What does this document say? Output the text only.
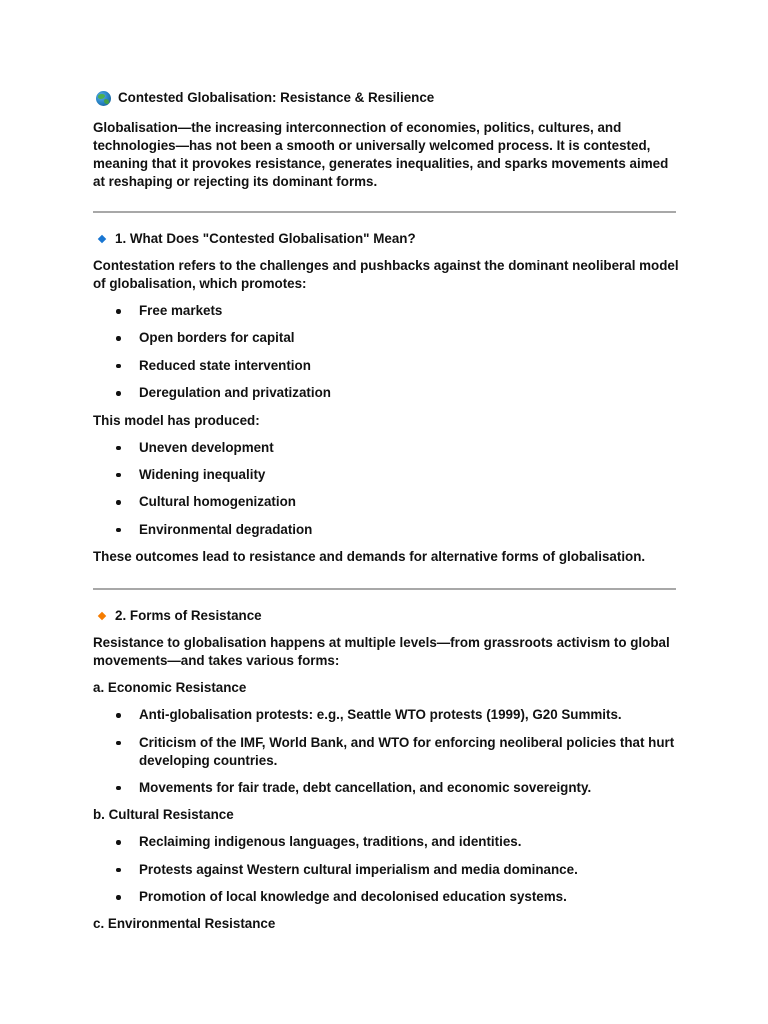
Contested Globalisation: Resistance & Resilience

Globalisation—the increasing interconnection of economies, politics, cultures, and technologies—has not been a smooth or universally welcomed process. It is contested, meaning that it provokes resistance, generates inequalities, and sparks movements aimed at reshaping or rejecting its dominant forms.

1. What Does "Contested Globalisation" Mean?

Contestation refers to the challenges and pushbacks against the dominant neoliberal model of globalisation, which promotes:

Free markets
Open borders for capital
Reduced state intervention
Deregulation and privatization

This model has produced:

Uneven development
Widening inequality
Cultural homogenization
Environmental degradation

These outcomes lead to resistance and demands for alternative forms of globalisation.

2. Forms of Resistance

Resistance to globalisation happens at multiple levels—from grassroots activism to global movements—and takes various forms:

a. Economic Resistance

Anti-globalisation protests: e.g., Seattle WTO protests (1999), G20 Summits.
Criticism of the IMF, World Bank, and WTO for enforcing neoliberal policies that hurt developing countries.
Movements for fair trade, debt cancellation, and economic sovereignty.

b. Cultural Resistance

Reclaiming indigenous languages, traditions, and identities.
Protests against Western cultural imperialism and media dominance.
Promotion of local knowledge and decolonised education systems.

c. Environmental Resistance
